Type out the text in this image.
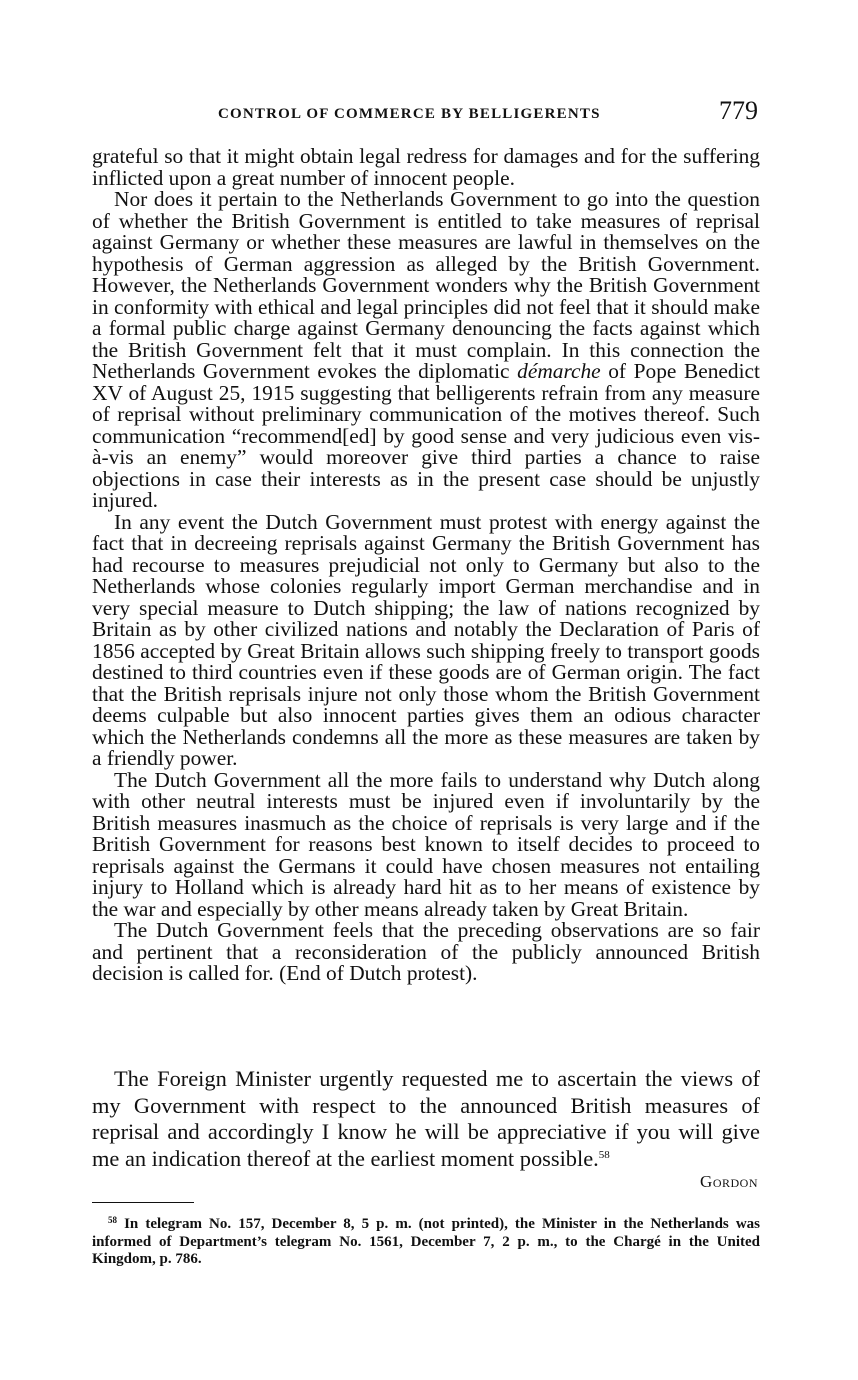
CONTROL OF COMMERCE BY BELLIGERENTS	779

grateful so that it might obtain legal redress for damages and for the suffering inflicted upon a great number of innocent people.

Nor does it pertain to the Netherlands Government to go into the question of whether the British Government is entitled to take measures of reprisal against Germany or whether these measures are lawful in themselves on the hypothesis of German aggression as alleged by the British Government. However, the Netherlands Government wonders why the British Government in conformity with ethical and legal principles did not feel that it should make a formal public charge against Germany denouncing the facts against which the British Government felt that it must complain. In this connection the Netherlands Government evokes the diplomatic démarche of Pope Benedict XV of August 25, 1915 suggesting that belligerents refrain from any measure of reprisal without preliminary communication of the motives thereof. Such communication “recommend[ed] by good sense and very judicious even vis-à-vis an enemy” would moreover give third parties a chance to raise objections in case their interests as in the present case should be unjustly injured.

In any event the Dutch Government must protest with energy against the fact that in decreeing reprisals against Germany the British Government has had recourse to measures prejudicial not only to Germany but also to the Netherlands whose colonies regularly import German merchandise and in very special measure to Dutch shipping; the law of nations recognized by Britain as by other civilized nations and notably the Declaration of Paris of 1856 accepted by Great Britain allows such shipping freely to transport goods destined to third countries even if these goods are of German origin. The fact that the British reprisals injure not only those whom the British Government deems culpable but also innocent parties gives them an odious character which the Netherlands condemns all the more as these measures are taken by a friendly power.

The Dutch Government all the more fails to understand why Dutch along with other neutral interests must be injured even if involuntarily by the British measures inasmuch as the choice of reprisals is very large and if the British Government for reasons best known to itself decides to proceed to reprisals against the Germans it could have chosen measures not entailing injury to Holland which is already hard hit as to her means of existence by the war and especially by other means already taken by Great Britain.

The Dutch Government feels that the preceding observations are so fair and pertinent that a reconsideration of the publicly announced British decision is called for. (End of Dutch protest).

The Foreign Minister urgently requested me to ascertain the views of my Government with respect to the announced British measures of reprisal and accordingly I know he will be appreciative if you will give me an indication thereof at the earliest moment possible.$^{58}$

Gordon

$^{58}$ In telegram No. 157, December 8, 5 p. m. (not printed), the Minister in the Netherlands was informed of Department’s telegram No. 1561, December 7, 2 p. m., to the Chargé in the United Kingdom, p. 786.
